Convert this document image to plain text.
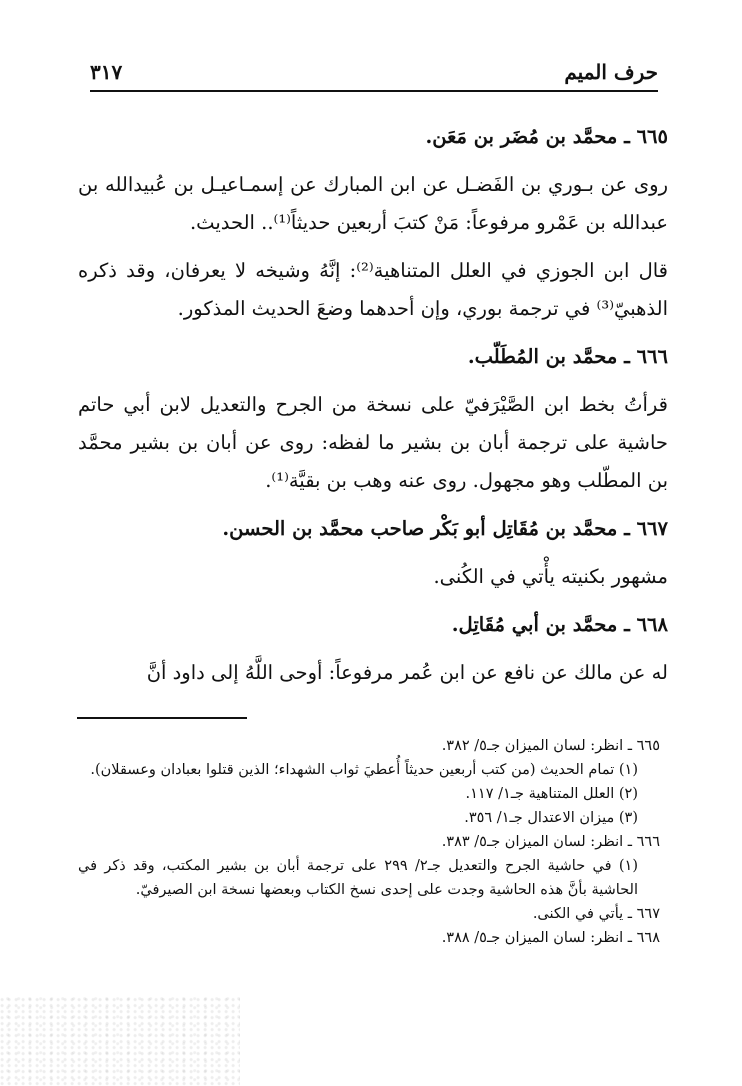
حرف الميم
٣١٧

٦٦٥ ـ محمَّد بن مُضَر بن مَعَن.

روى عن بـوري بن الفَضـل عن ابن المبارك عن إسمـاعيـل بن عُبيدالله بن عبدالله بن عَمْرو مرفوعاً: مَنْ كتبَ أربعين حديثاً⁽¹⁾.. الحديث.

قال ابن الجوزي في العلل المتناهية⁽²⁾: إنَّهُ وشيخه لا يعرفان، وقد ذكره الذهبيّ⁽³⁾ في ترجمة بوري، وإن أحدهما وضعَ الحديث المذكور.

٦٦٦ ـ محمَّد بن المُطَلّب.

قرأتُ بخط ابن الصَّيْرَفيّ على نسخة من الجرح والتعديل لابن أبي حاتم حاشية على ترجمة أبان بن بشير ما لفظه: روى عن أبان بن بشير محمَّد بن المطّلب وهو مجهول. روى عنه وهب بن بقيَّة⁽¹⁾.

٦٦٧ ـ محمَّد بن مُقَاتِل أبو بَكْر صاحب محمَّد بن الحسن.

مشهور بكنيته يأْتي في الكُنى.

٦٦٨ ـ محمَّد بن أبي مُقَاتِل.

له عن مالك عن نافع عن ابن عُمر مرفوعاً: أوحى اللَّهُ إلى داود أنَّ

٦٦٥ ـ انظر: لسان الميزان جـ٥/ ٣٨٢.

(١) تمام الحديث (من كتب أربعين حديثاً أُعطيَ ثواب الشهداء؛ الذين قتلوا بعبادان وعسقلان).

(٢) العلل المتناهية جـ١/ ١١٧.

(٣) ميزان الاعتدال جـ١/ ٣٥٦.

٦٦٦ ـ انظر: لسان الميزان جـ٥/ ٣٨٣.

(١) في حاشية الجرح والتعديل جـ٢/ ٢٩٩ على ترجمة أبان بن بشير المكتب، وقد ذكر في الحاشية بأنَّ هذه الحاشية وجدت على إحدى نسخ الكتاب وبعضها نسخة ابن الصيرفيّ.

٦٦٧ ـ يأتي في الكنى.

٦٦٨ ـ انظر: لسان الميزان جـ٥/ ٣٨٨.
